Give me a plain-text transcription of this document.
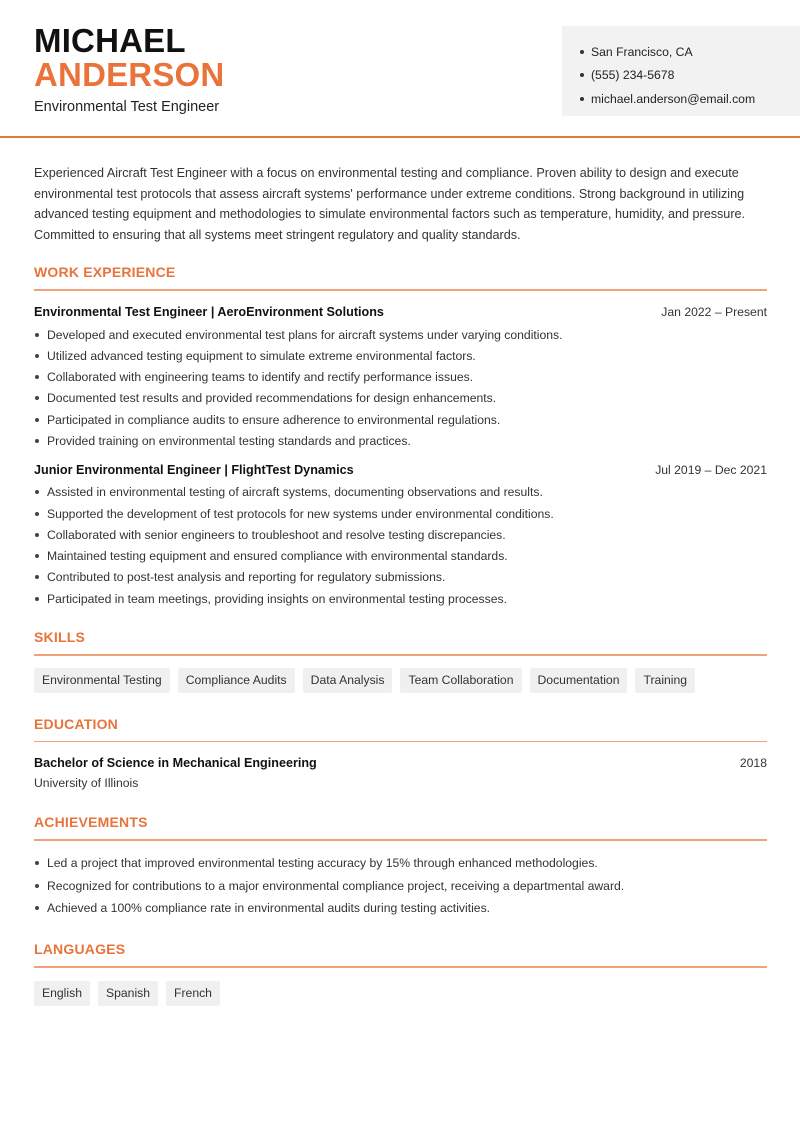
MICHAEL
ANDERSON
Environmental Test Engineer
San Francisco, CA
(555) 234-5678
michael.anderson@email.com

Experienced Aircraft Test Engineer with a focus on environmental testing and compliance. Proven ability to design and execute environmental test protocols that assess aircraft systems' performance under extreme conditions. Strong background in utilizing advanced testing equipment and methodologies to simulate environmental factors such as temperature, humidity, and pressure. Committed to ensuring that all systems meet stringent regulatory and quality standards.

WORK EXPERIENCE
Environmental Test Engineer | AeroEnvironment Solutions	Jan 2022 – Present
Developed and executed environmental test plans for aircraft systems under varying conditions.
Utilized advanced testing equipment to simulate extreme environmental factors.
Collaborated with engineering teams to identify and rectify performance issues.
Documented test results and provided recommendations for design enhancements.
Participated in compliance audits to ensure adherence to environmental regulations.
Provided training on environmental testing standards and practices.
Junior Environmental Engineer | FlightTest Dynamics	Jul 2019 – Dec 2021
Assisted in environmental testing of aircraft systems, documenting observations and results.
Supported the development of test protocols for new systems under environmental conditions.
Collaborated with senior engineers to troubleshoot and resolve testing discrepancies.
Maintained testing equipment and ensured compliance with environmental standards.
Contributed to post-test analysis and reporting for regulatory submissions.
Participated in team meetings, providing insights on environmental testing processes.
SKILLS
Environmental Testing	Compliance Audits	Data Analysis	Team Collaboration	Documentation	Training
EDUCATION
Bachelor of Science in Mechanical Engineering	2018
University of Illinois
ACHIEVEMENTS
Led a project that improved environmental testing accuracy by 15% through enhanced methodologies.
Recognized for contributions to a major environmental compliance project, receiving a departmental award.
Achieved a 100% compliance rate in environmental audits during testing activities.
LANGUAGES
English	Spanish	French
